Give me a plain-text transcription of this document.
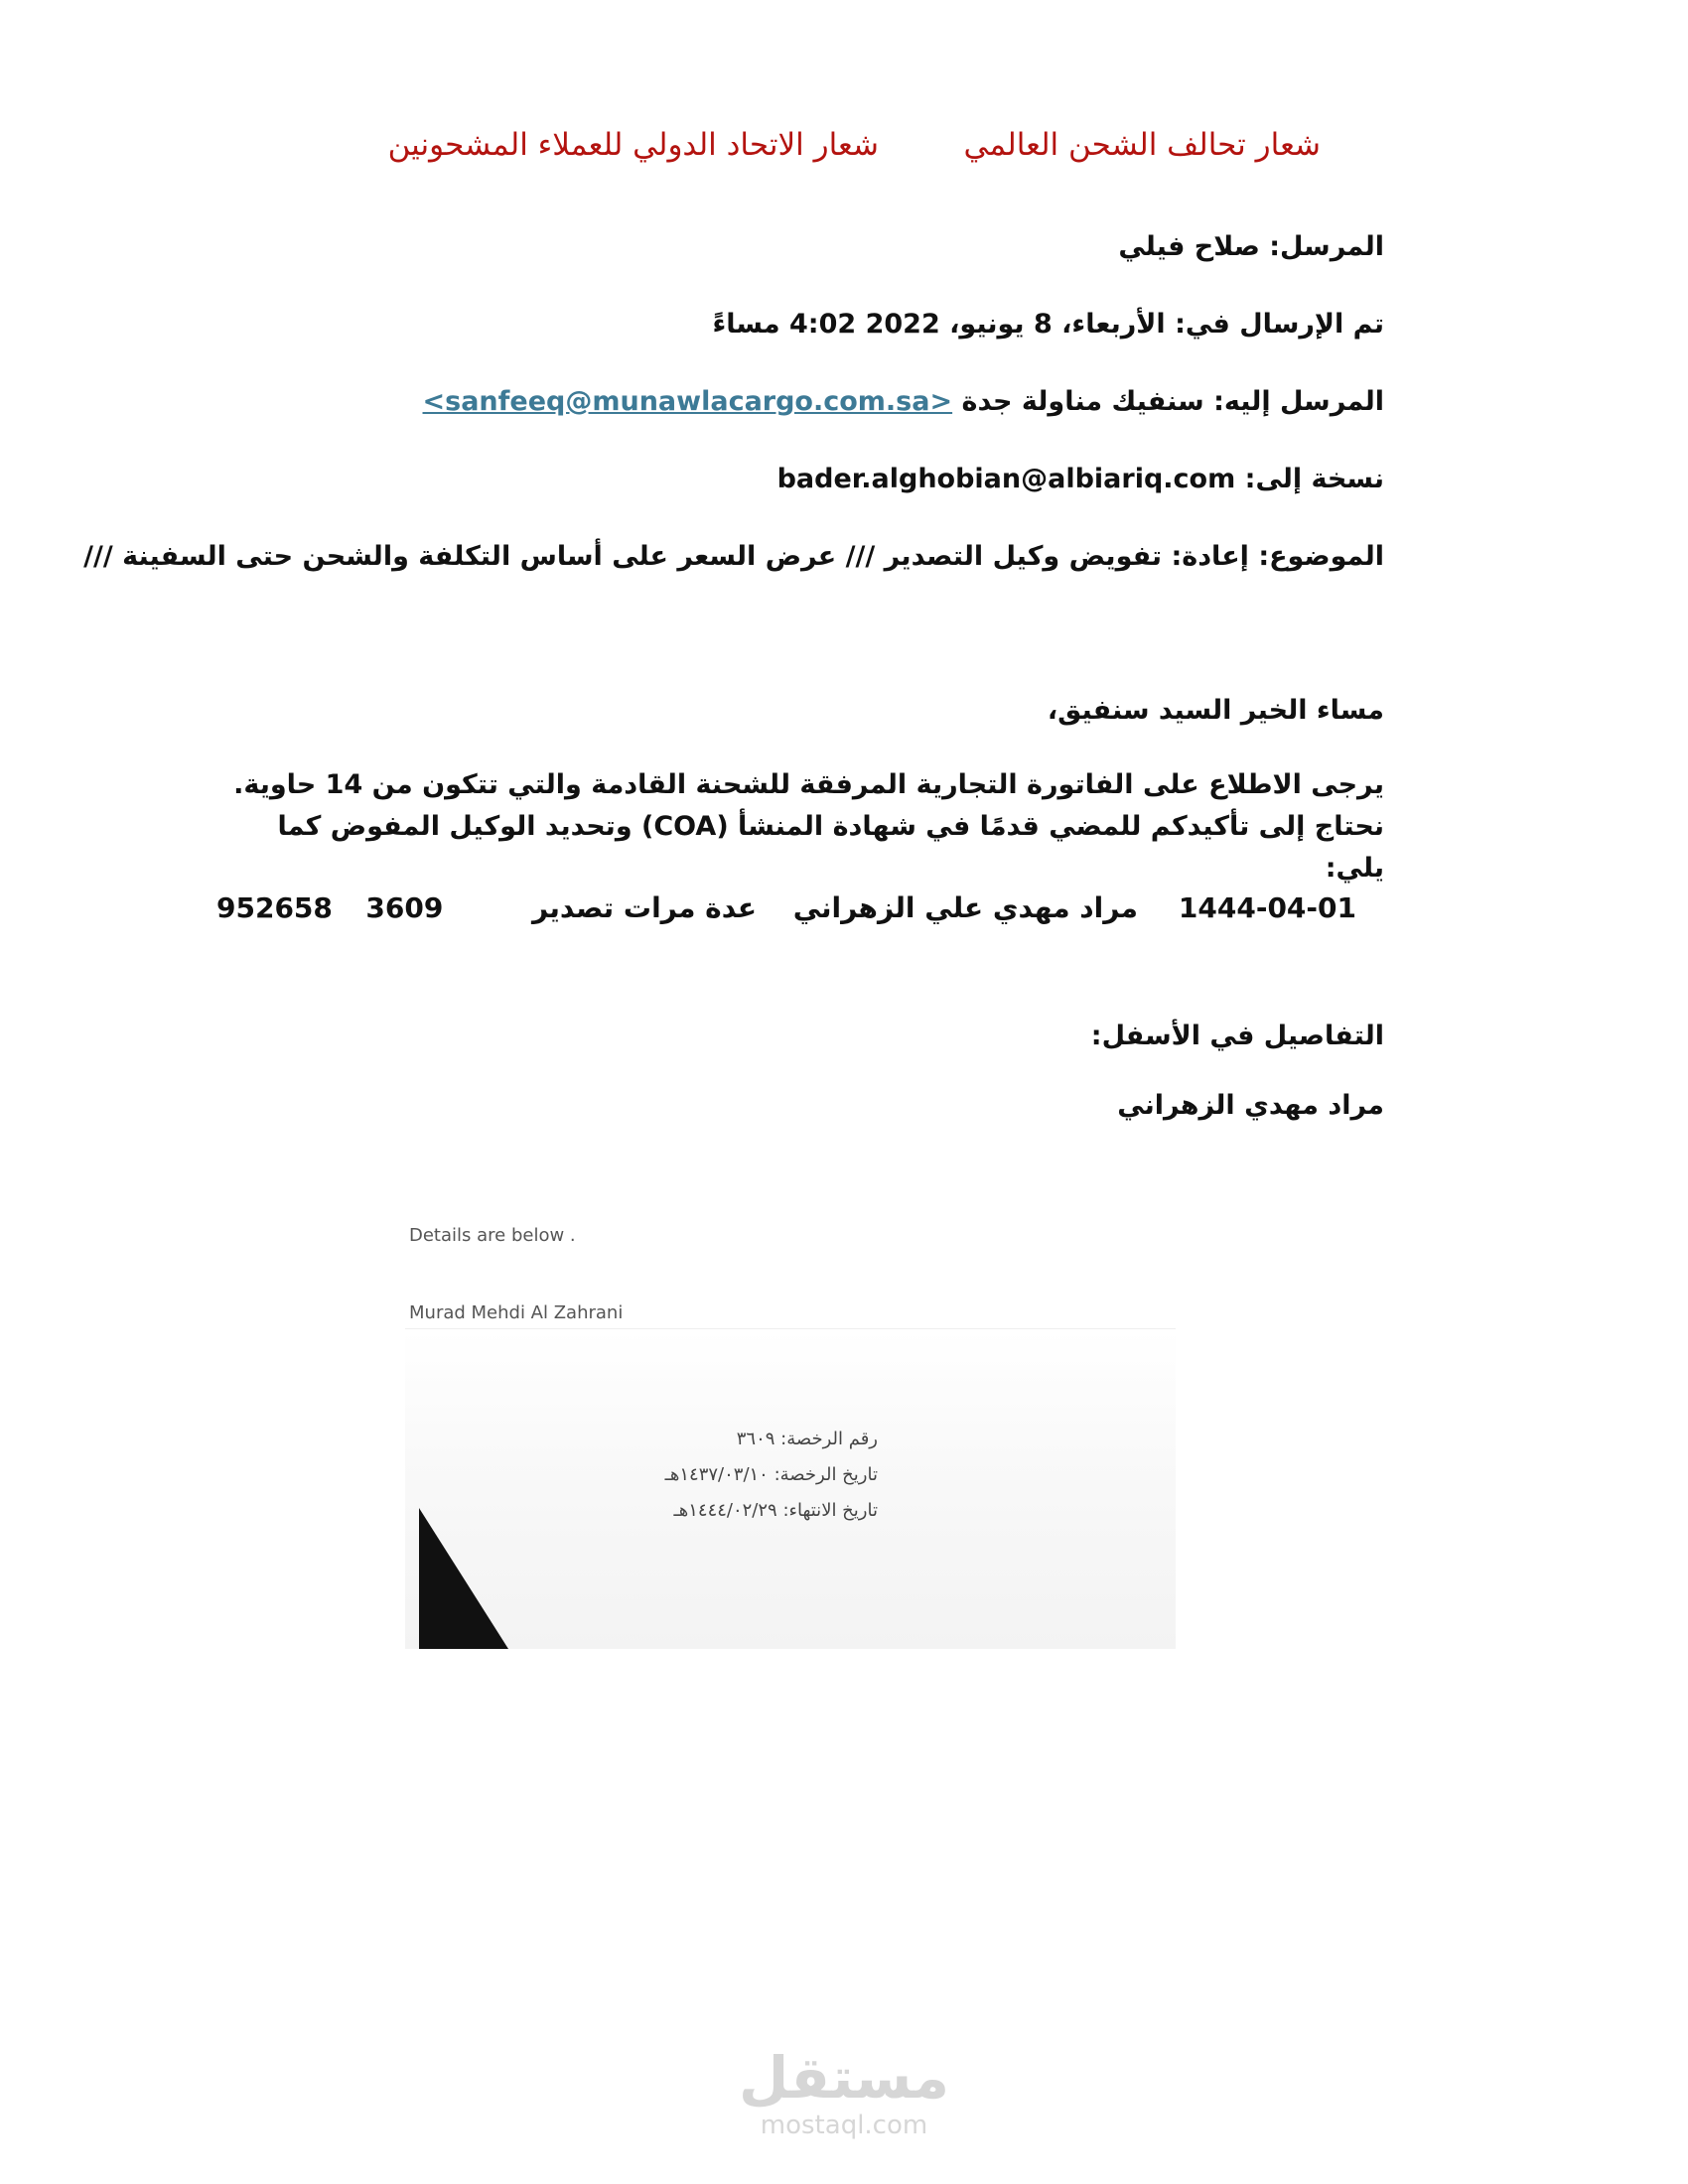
شعار تحالف الشحن العالمي
شعار الاتحاد الدولي للعملاء المشحونين
المرسل: صلاح فيلي
تم الإرسال في: الأربعاء، 8 يونيو، 2022 4:02 مساءً
المرسل إليه: سنفيك مناولة جدة <sanfeeq@munawlacargo.com.sa>
نسخة إلى: bader.alghobian@albiariq.com
الموضوع: إعادة: تفويض وكيل التصدير /// عرض السعر على أساس التكلفة والشحن حتى السفينة ///
مساء الخير السيد سنفيق،
يرجى الاطلاع على الفاتورة التجارية المرفقة للشحنة القادمة والتي تتكون من 14 حاوية. نحتاج إلى تأكيدكم للمضي قدمًا في شهادة المنشأ (COA) وتحديد الوكيل المفوض كما يلي:
1444-04-01
مراد مهدي علي الزهراني
عدة مرات تصدير
952658 3609
التفاصيل في الأسفل:
مراد مهدي الزهراني
Details are below .
Murad Mehdi Al Zahrani
رقم الرخصة: ٣٦٠٩
تاريخ الرخصة: ١٤٣٧/٠٣/١٠هـ
تاريخ الانتهاء: ١٤٤٤/٠٢/٢٩هـ
مستقل
mostaql.com
